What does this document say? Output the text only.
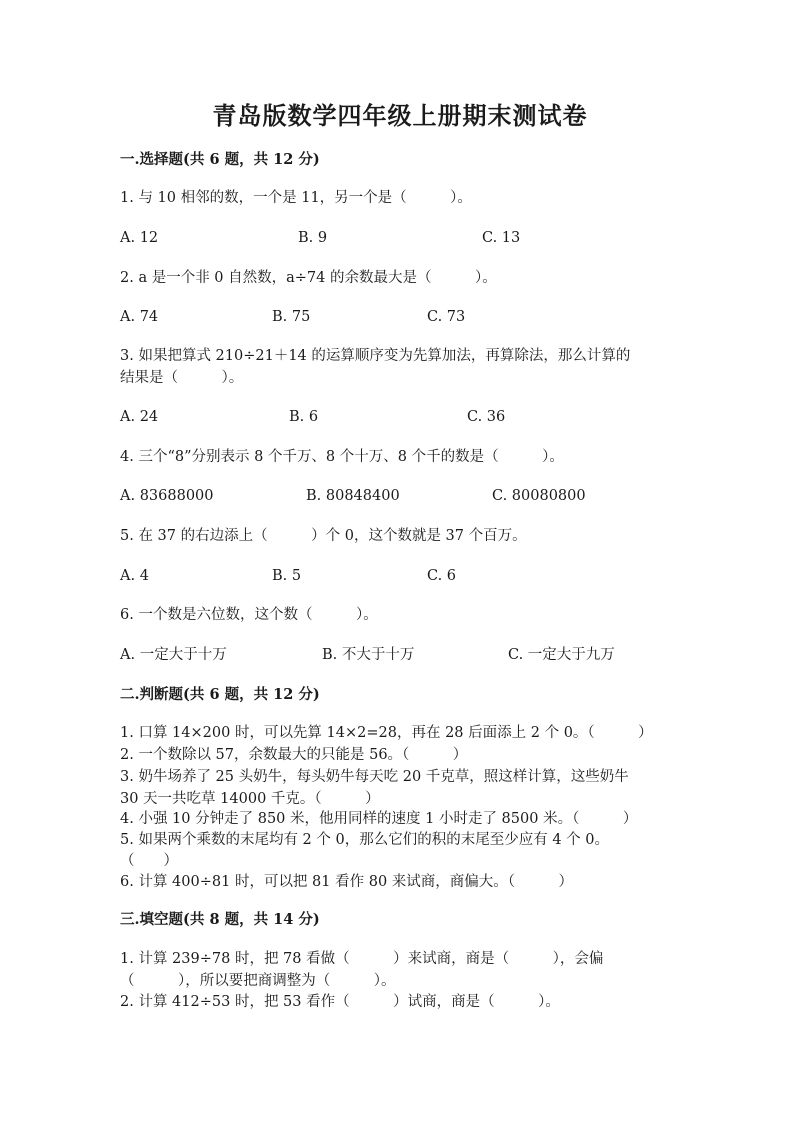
青岛版数学四年级上册期末测试卷
一.选择题(共 6 题，共 12 分)
1. 与 10 相邻的数，一个是 11，另一个是（　　　）。
A. 12	B. 9	C. 13
2. a 是一个非 0 自然数，a÷74 的余数最大是（　　　）。
A. 74	B. 75	C. 73
3. 如果把算式 210÷21＋14 的运算顺序变为先算加法，再算除法，那么计算的
结果是（　　　）。
A. 24	B. 6	C. 36
4. 三个“8”分别表示 8 个千万、8 个十万、8 个千的数是（　　　）。
A. 83688000	B. 80848400	C. 80080800
5. 在 37 的右边添上（　　　）个 0，这个数就是 37 个百万。
A. 4	B. 5	C. 6
6. 一个数是六位数，这个数（　　　）。
A. 一定大于十万	B. 不大于十万	C. 一定大于九万
二.判断题(共 6 题，共 12 分)
1. 口算 14×200 时，可以先算 14×2=28，再在 28 后面添上 2 个 0。（　　　）
2. 一个数除以 57，余数最大的只能是 56。（　　　）
3. 奶牛场养了 25 头奶牛，每头奶牛每天吃 20 千克草，照这样计算，这些奶牛
30 天一共吃草 14000 千克。（　　　）
4. 小强 10 分钟走了 850 米，他用同样的速度 1 小时走了 8500 米。（　　　）
5. 如果两个乘数的末尾均有 2 个 0，那么它们的积的末尾至少应有 4 个 0。
（　　）
6. 计算 400÷81 时，可以把 81 看作 80 来试商，商偏大。（　　　）
三.填空题(共 8 题，共 14 分)
1. 计算 239÷78 时，把 78 看做（　　　）来试商，商是（　　　），会偏
（　　　），所以要把商调整为（　　　）。
2. 计算 412÷53 时，把 53 看作（　　　）试商，商是（　　　）。
